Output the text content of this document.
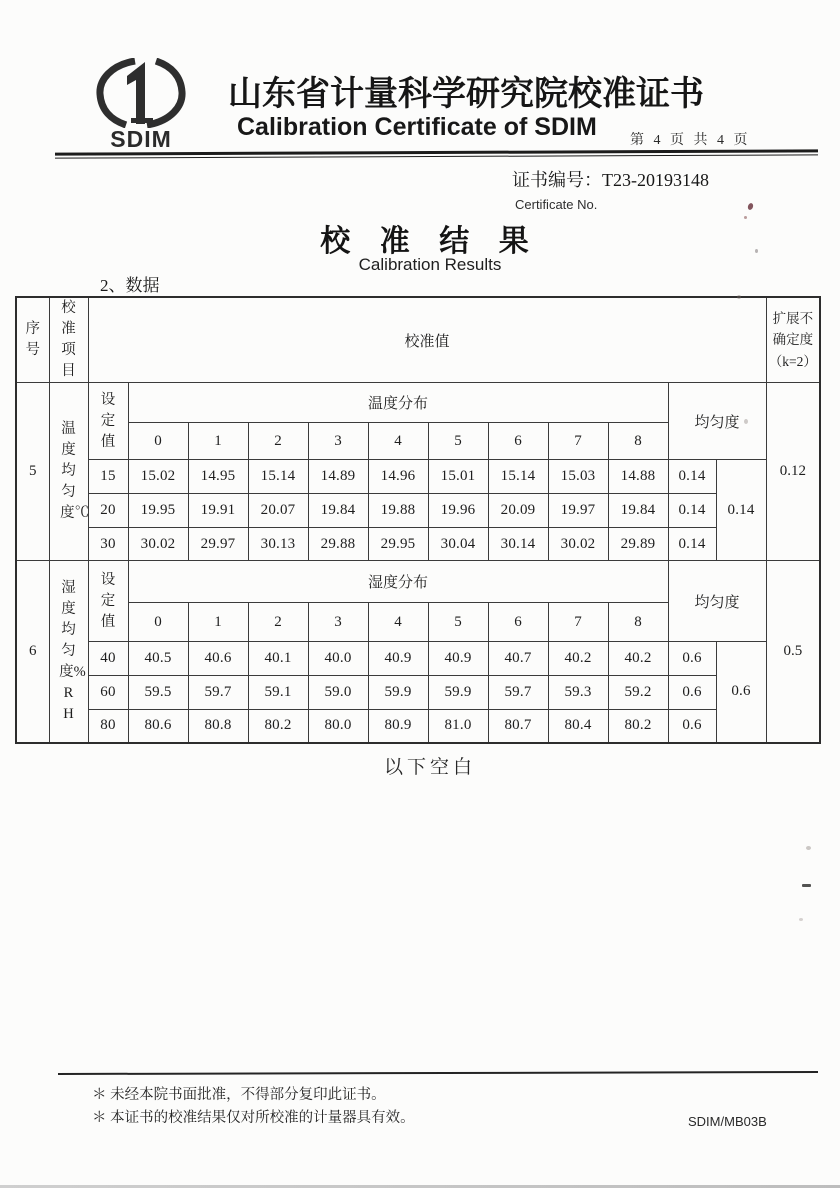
SDIM
山东省计量科学研究院校准证书
Calibration Certificate of SDIM 第 4 页 共 4 页
证书编号：T23-20193148
Certificate No.
校 准 结 果
Calibration Results
2、数据
序号	校准项目	校准值												扩展不确定度 （k=2）
5	温度均匀度℃	设定值	温度分布									均匀度		0.12
			0	1	2	3	4	5	6	7	8			
		15	15.02	14.95	15.14	14.89	14.96	15.01	15.14	15.03	14.88	0.14	0.14	
		20	19.95	19.91	20.07	19.84	19.88	19.96	20.09	19.97	19.84	0.14		
		30	30.02	29.97	30.13	29.88	29.95	30.04	30.14	30.02	29.89	0.14		
6	湿度均匀度%RH	设定值	湿度分布									均匀度		0.5
			0	1	2	3	4	5	6	7	8			
		40	40.5	40.6	40.1	40.0	40.9	40.9	40.7	40.2	40.2	0.6	0.6	
		60	59.5	59.7	59.1	59.0	59.9	59.9	59.7	59.3	59.2	0.6		
		80	80.6	80.8	80.2	80.0	80.9	81.0	80.7	80.4	80.2	0.6		
以下空白
＊ 未经本院书面批准，不得部分复印此证书。
＊ 本证书的校准结果仅对所校准的计量器具有效。	SDIM/MB03B
